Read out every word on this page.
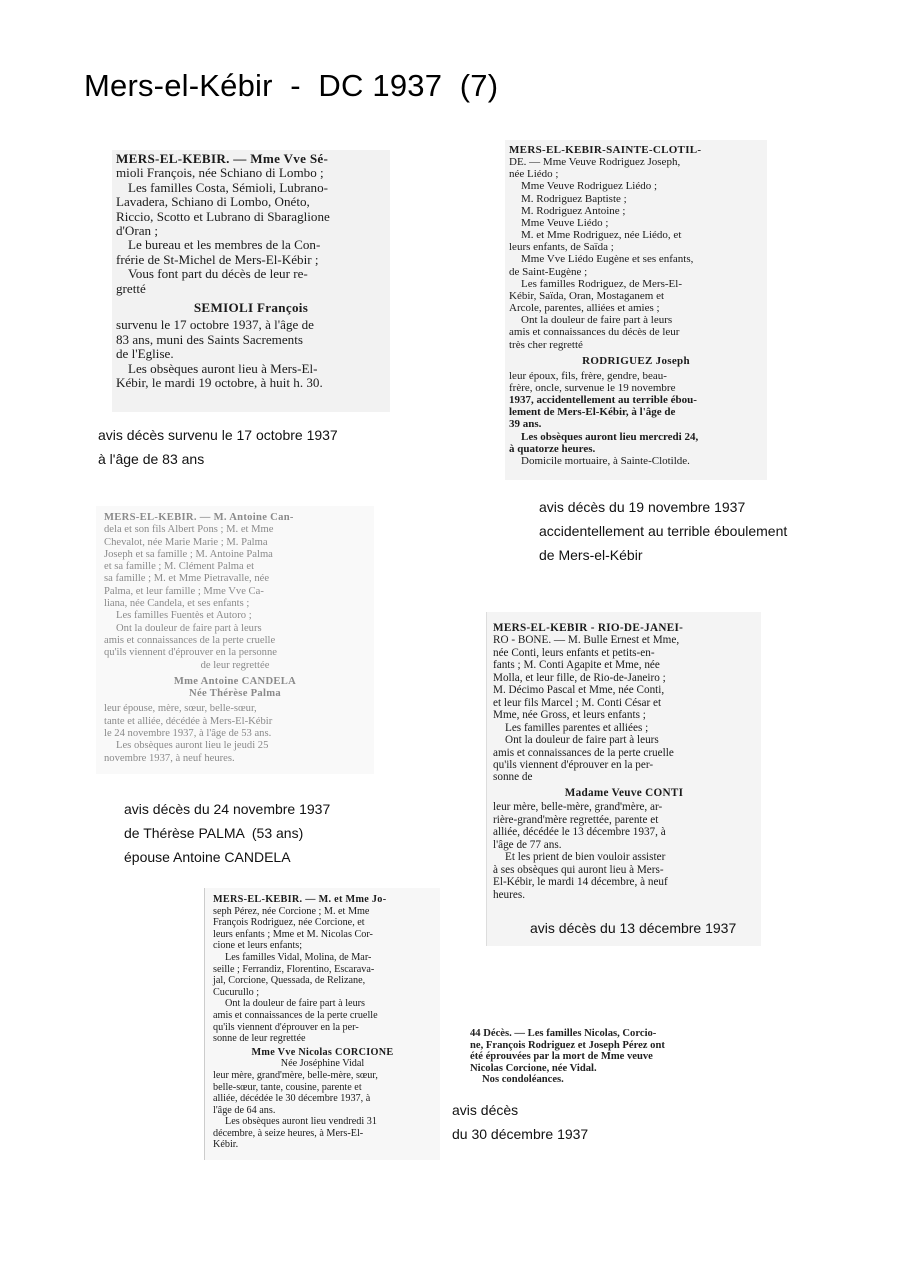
Mers-el-Kébir  -  DC 1937  (7)

MERS-EL-KEBIR. — Mme Vve Sé-

mioli François, née Schiano di Lombo ;

Les familles Costa, Sémioli, Lubrano-

Lavadera, Schiano di Lombo, Onéto,

Riccio, Scotto et Lubrano di Sbaraglione

d'Oran ;

Le bureau et les membres de la Con-

frérie de St-Michel de Mers-El-Kébir ;

Vous font part du décès de leur re-

gretté

SEMIOLI François

survenu le 17 octobre 1937, à l'âge de

83 ans, muni des Saints Sacrements

de l'Eglise.

Les obsèques auront lieu à Mers-El-

Kébir, le mardi 19 octobre, à huit h. 30.

avis décès survenu le 17 octobre 1937
à l'âge de 83 ans

MERS-EL-KEBIR-SAINTE-CLOTIL-

DE. — Mme Veuve Rodriguez Joseph,

née Liédo ;

Mme Veuve Rodriguez Liédo ;

M. Rodriguez Baptiste ;

M. Rodriguez Antoine ;

Mme Veuve Liédo ;

M. et Mme Rodriguez, née Liédo, et

leurs enfants, de Saïda ;

Mme Vve Liédo Eugène et ses enfants,

de Saint-Eugène ;

Les familles Rodriguez, de Mers-El-

Kébir, Saïda, Oran, Mostaganem et

Arcole, parentes, alliées et amies ;

Ont la douleur de faire part à leurs

amis et connaissances du décès de leur

très cher regretté

RODRIGUEZ Joseph

leur époux, fils, frère, gendre, beau-

frère, oncle, survenue le 19 novembre

1937, accidentellement au terrible ébou-

lement de Mers-El-Kébir, à l'âge de

39 ans.

Les obsèques auront lieu mercredi 24,

à quatorze heures.

Domicile mortuaire, à Sainte-Clotilde.

avis décès du 19 novembre 1937
accidentellement au terrible éboulement
de Mers-el-Kébir

MERS-EL-KEBIR. — M. Antoine Can-

dela et son fils Albert Pons ; M. et Mme

Chevalot, née Marie Marie ; M. Palma

Joseph et sa famille ; M. Antoine Palma

et sa famille ; M. Clément Palma et

sa famille ; M. et Mme Pietravalle, née

Palma, et leur famille ; Mme Vve Ca-

liana, née Candela, et ses enfants ;

Les familles Fuentès et Autoro ;

Ont la douleur de faire part à leurs

amis et connaissances de la perte cruelle

qu'ils viennent d'éprouver en la personne

de leur regrettée

Mme Antoine CANDELA

Née Thérèse Palma

leur épouse, mère, sœur, belle-sœur,

tante et alliée, décédée à Mers-El-Kébir

le 24 novembre 1937, à l'âge de 53 ans.

Les obsèques auront lieu le jeudi 25

novembre 1937, à neuf heures.

avis décès du 24 novembre 1937
de Thérèse PALMA  (53 ans)
épouse Antoine CANDELA

MERS-EL-KEBIR - RIO-DE-JANEI-

RO - BONE. — M. Bulle Ernest et Mme,

née Conti, leurs enfants et petits-en-

fants ; M. Conti Agapite et Mme, née

Molla, et leur fille, de Rio-de-Janeiro ;

M. Décimo Pascal et Mme, née Conti,

et leur fils Marcel ; M. Conti César et

Mme, née Gross, et leurs enfants ;

Les familles parentes et alliées ;

Ont la douleur de faire part à leurs

amis et connaissances de la perte cruelle

qu'ils viennent d'éprouver en la per-

sonne de

Madame Veuve CONTI

leur mère, belle-mère, grand'mère, ar-

rière-grand'mère regrettée, parente et

alliée, décédée le 13 décembre 1937, à

l'âge de 77 ans.

Et les prient de bien vouloir assister

à ses obsèques qui auront lieu à Mers-

El-Kébir, le mardi 14 décembre, à neuf

heures.

avis décès du 13 décembre 1937

MERS-EL-KEBIR. — M. et Mme Jo-

seph Pérez, née Corcione ; M. et Mme

François Rodriguez, née Corcione, et

leurs enfants ; Mme et M. Nicolas Cor-

cione et leurs enfants;

Les familles Vidal, Molina, de Mar-

seille ; Ferrandiz, Florentino, Escarava-

jal, Corcione, Quessada, de Relizane,

Cucurullo ;

Ont la douleur de faire part à leurs

amis et connaissances de la perte cruelle

qu'ils viennent d'éprouver en la per-

sonne de leur regrettée

Mme Vve Nicolas CORCIONE

Née Joséphine Vidal

leur mère, grand'mère, belle-mère, sœur,

belle-sœur, tante, cousine, parente et

alliée, décédée le 30 décembre 1937, à

l'âge de 64 ans.

Les obsèques auront lieu vendredi 31

décembre, à seize heures, à Mers-El-

Kébir.

44 Décès. — Les familles Nicolas, Corcio-

ne, François Rodriguez et Joseph Pérez ont

été éprouvées par la mort de Mme veuve

Nicolas Corcione, née Vidal.

Nos condoléances.

avis décès
du 30 décembre 1937
